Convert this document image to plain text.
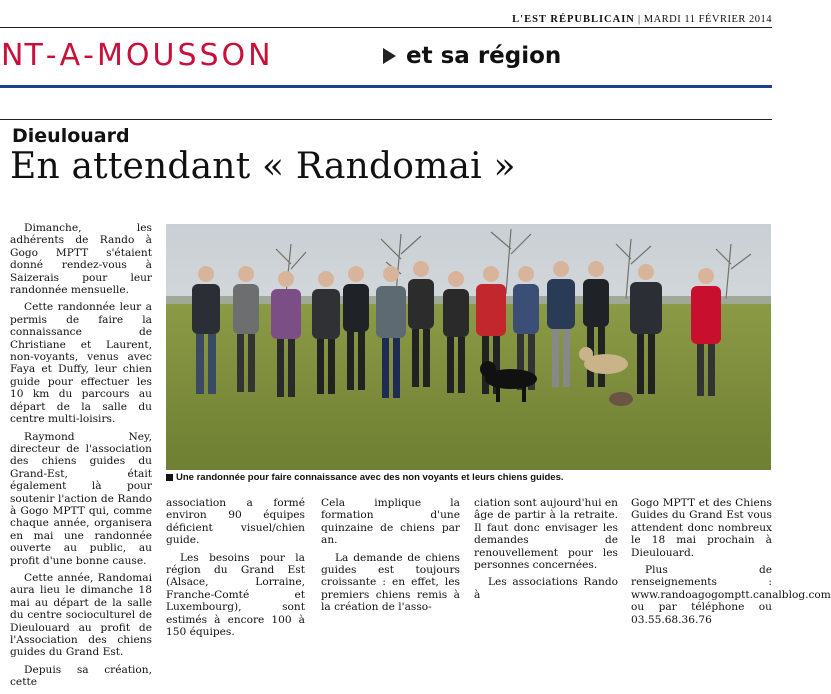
L'EST RÉPUBLICAIN | MARDI 11 FÉVRIER 2014
NT - A - M O U S S O N	et sa région
Dieulouard
En attendant « Randomai »

Dimanche, les adhérents de Rando à Gogo MPTT s'étaient donné rendez-vous à Saizerais pour leur randonnée mensuelle.

Cette randonnée leur a permis de faire la connaissance de Christiane et Laurent, non-voyants, venus avec Faya et Duffy, leur chien guide pour effectuer les 10 km du parcours au départ de la salle du centre multi-loisirs.

Raymond Ney, directeur de l'association des chiens guides du Grand-Est, était également là pour soutenir l'action de Rando à Gogo MPTT qui, comme chaque année, organisera en mai une randonnée ouverte au public, au profit d'une bonne cause.

Cette année, Randomai aura lieu le dimanche 18 mai au départ de la salle du centre socioculturel de Dieulouard au profit de l'Association des chiens guides du Grand Est.

Depuis sa création, cette

Une randonnée pour faire connaissance avec des non voyants et leurs chiens guides.

association a formé environ 90 équipes déficient visuel/chien guide.

Les besoins pour la région du Grand Est (Alsace, Lorraine, Franche-Comté et Luxembourg), sont estimés à encore 100 à 150 équipes.

Cela implique la formation d'une quinzaine de chiens par an.

La demande de chiens guides est toujours croissante : en effet, les premiers chiens remis à la création de l'asso-

ciation sont aujourd'hui en âge de partir à la retraite. Il faut donc envisager les demandes de renouvellement pour les personnes concernées.

Les associations Rando à

Gogo MPTT et des Chiens Guides du Grand Est vous attendent donc nombreux le 18 mai prochain à Dieulouard.

Plus de renseignements : www.randoagogomptt.canalblog.com ou par téléphone ou 03.55.68.36.76
